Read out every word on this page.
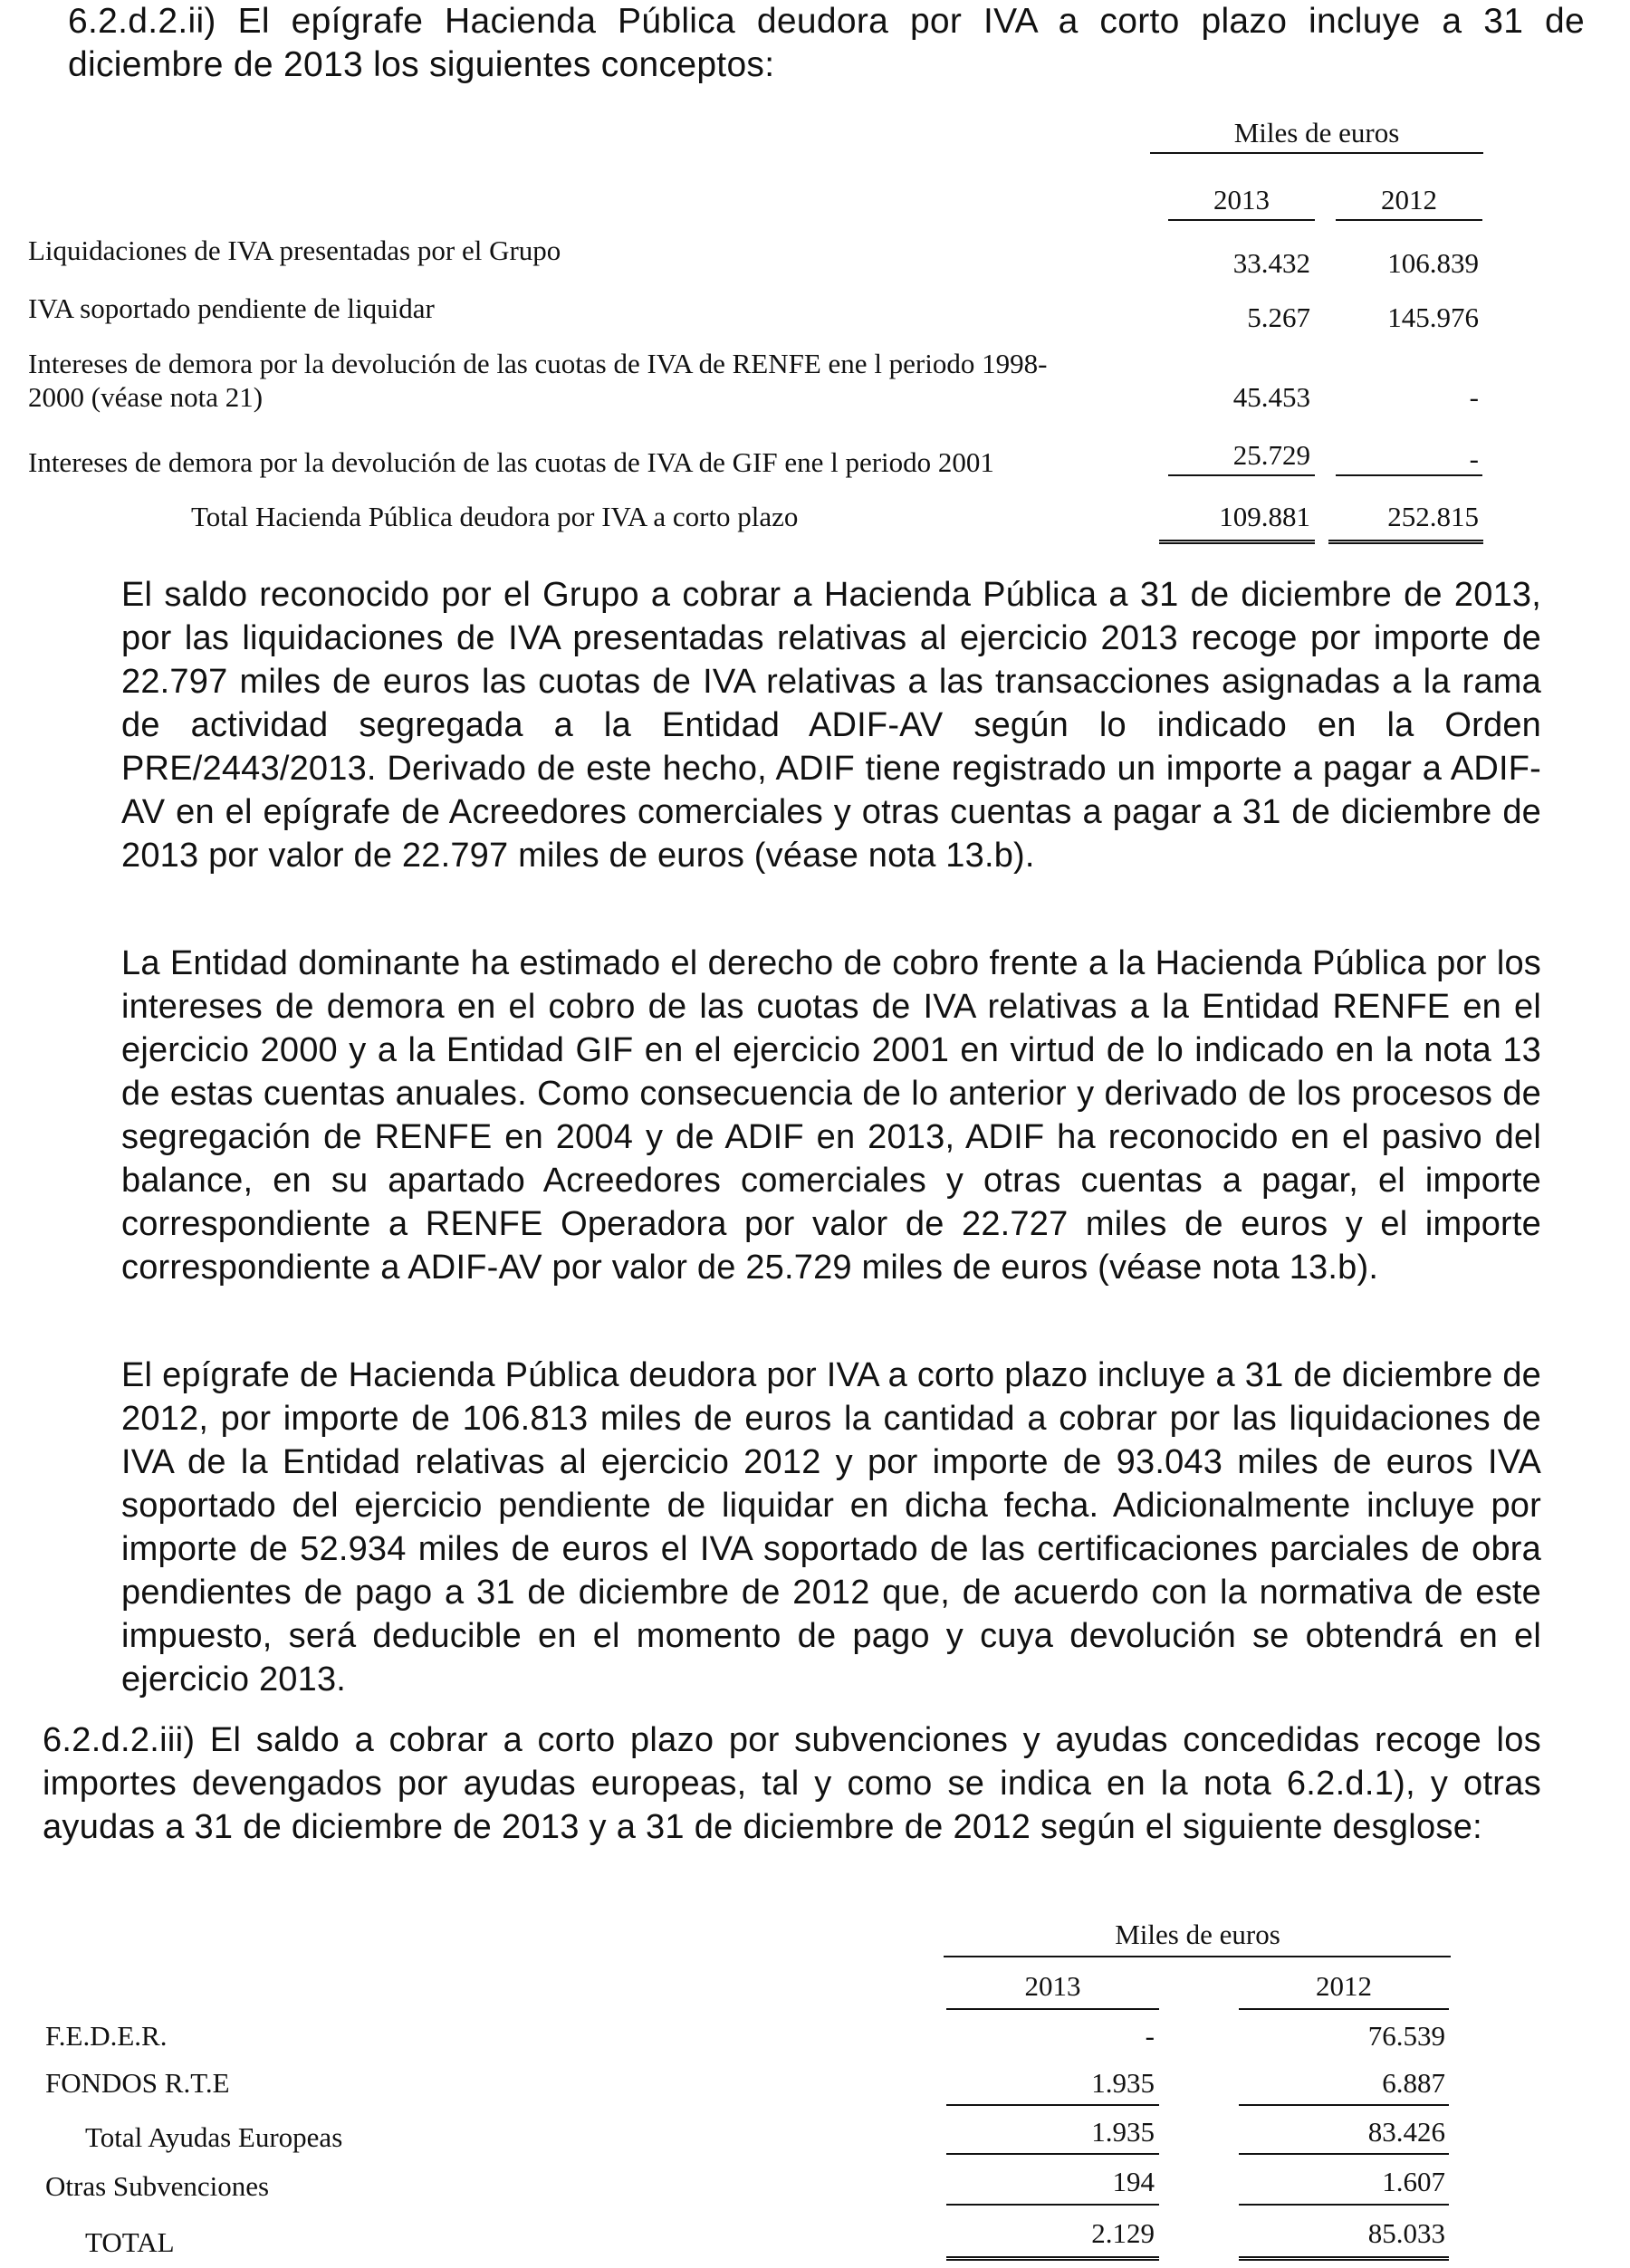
6.2.d.2.ii) El epígrafe Hacienda Pública deudora por IVA a corto plazo incluye a 31 de diciembre de 2013 los siguientes conceptos:
Miles de euros
2013	2012
Liquidaciones de IVA presentadas por el Grupo	33.432	106.839
IVA soportado pendiente de liquidar	5.267	145.976
Intereses de demora por la devolución de las cuotas de IVA de RENFE ene l periodo 1998-
2000 (véase nota 21)	45.453	-
Intereses de demora por la devolución de las cuotas de IVA de GIF ene l periodo 2001	25.729	-
Total Hacienda Pública deudora por IVA a corto plazo	109.881	252.815
El saldo reconocido por el Grupo a cobrar a Hacienda Pública a 31 de diciembre de 2013, por las liquidaciones de IVA presentadas relativas al ejercicio 2013 recoge por importe de 22.797 miles de euros las cuotas de IVA relativas a las transacciones asignadas a la rama de actividad segregada a la Entidad ADIF-AV según lo indicado en la Orden PRE/2443/2013. Derivado de este hecho, ADIF tiene registrado un importe a pagar a ADIF-AV en el epígrafe de Acreedores comerciales y otras cuentas a pagar a 31 de diciembre de 2013 por valor de 22.797 miles de euros (véase nota 13.b).
La Entidad dominante ha estimado el derecho de cobro frente a la Hacienda Pública por los intereses de demora en el cobro de las cuotas de IVA relativas a la Entidad RENFE en el ejercicio 2000 y a la Entidad GIF en el ejercicio 2001 en virtud de lo indicado en la nota 13 de estas cuentas anuales. Como consecuencia de lo anterior y derivado de los procesos de segregación de RENFE en 2004 y de ADIF en 2013, ADIF ha reconocido en el pasivo del balance, en su apartado Acreedores comerciales y otras cuentas a pagar, el importe correspondiente a RENFE Operadora por valor de 22.727 miles de euros y el importe correspondiente a ADIF-AV por valor de 25.729 miles de euros (véase nota 13.b).
El epígrafe de Hacienda Pública deudora por IVA a corto plazo incluye a 31 de diciembre de 2012, por importe de 106.813 miles de euros la cantidad a cobrar por las liquidaciones de IVA de la Entidad relativas al ejercicio 2012 y por importe de 93.043 miles de euros IVA soportado del ejercicio pendiente de liquidar en dicha fecha. Adicionalmente incluye por importe de 52.934 miles de euros el IVA soportado de las certificaciones parciales de obra pendientes de pago a 31 de diciembre de 2012 que, de acuerdo con la normativa de este impuesto, será deducible en el momento de pago y cuya devolución se obtendrá en el ejercicio 2013.
6.2.d.2.iii) El saldo a cobrar a corto plazo por subvenciones y ayudas concedidas recoge los importes devengados por ayudas europeas, tal y como se indica en la nota 6.2.d.1), y otras ayudas a 31 de diciembre de 2013 y a 31 de diciembre de 2012 según el siguiente desglose:
Miles de euros
2013	2012
F.E.D.E.R.	-	76.539
FONDOS R.T.E	1.935	6.887
Total Ayudas Europeas	1.935	83.426
Otras Subvenciones	194	1.607
TOTAL	2.129	85.033
